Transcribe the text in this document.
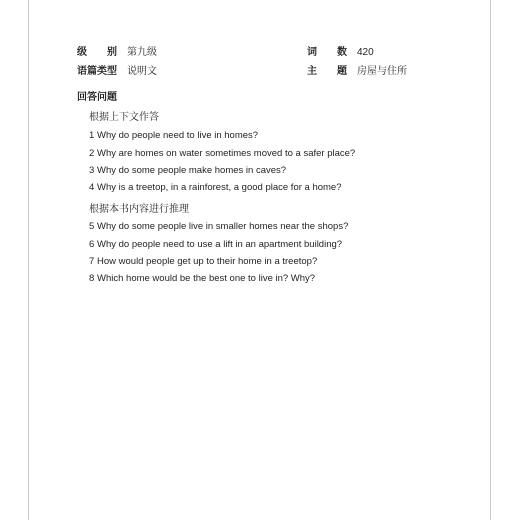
级　别 第九级	词　数 420
语篇类型 说明文	主　题 房屋与住所
回答问题
根据上下文作答
1 Why do people need to live in homes?
2 Why are homes on water sometimes moved to a safer place?
3 Why do some people make homes in caves?
4 Why is a treetop, in a rainforest, a good place for a home?
根据本书内容进行推理
5 Why do some people live in smaller homes near the shops?
6 Why do people need to use a lift in an apartment building?
7 How would people get up to their home in a treetop?
8 Which home would be the best one to live in? Why?
